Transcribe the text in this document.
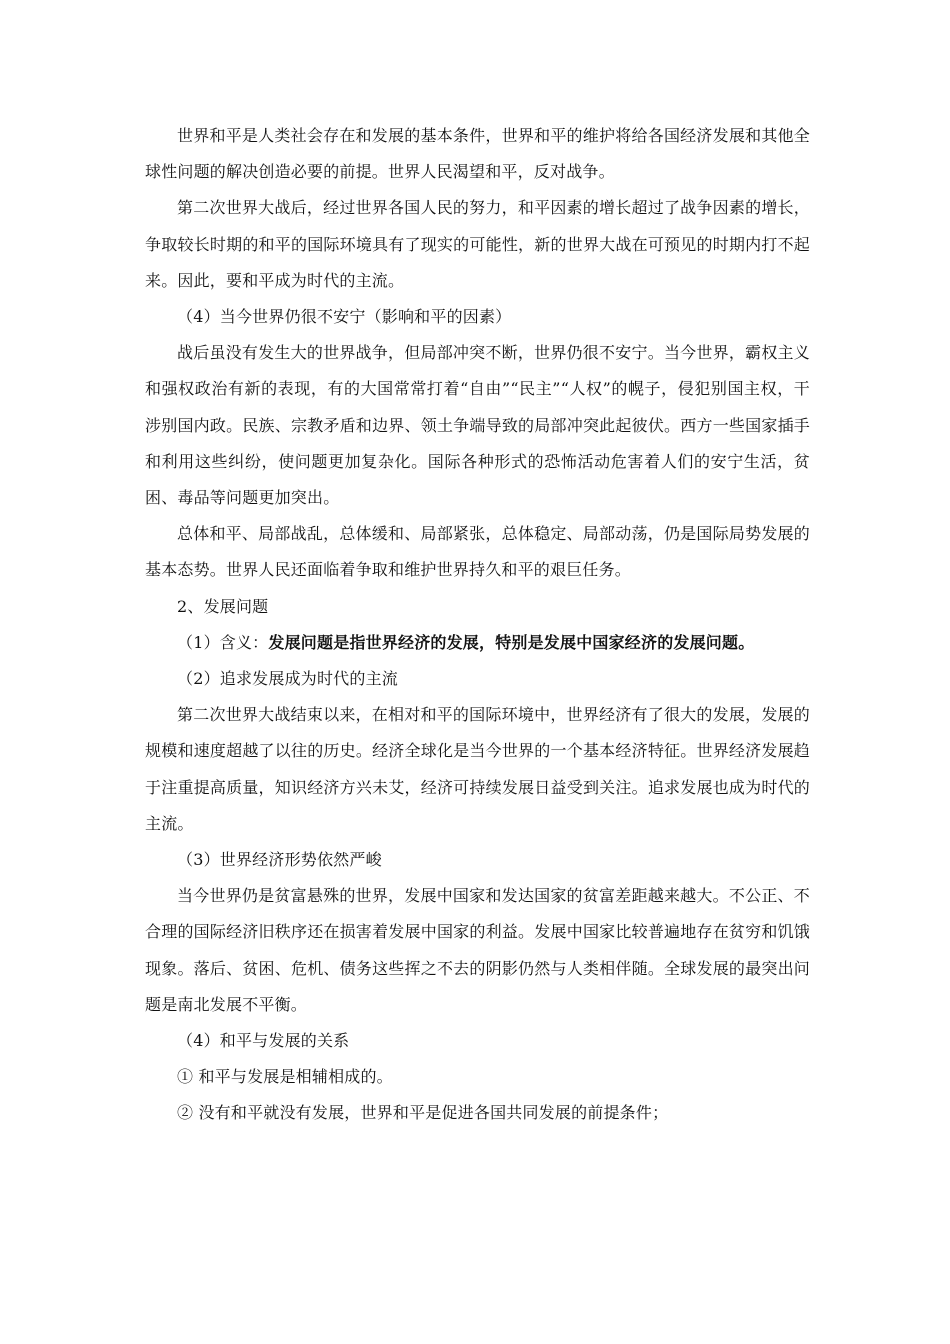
世界和平是人类社会存在和发展的基本条件，世界和平的维护将给各国经济发展和其他全球性问题的解决创造必要的前提。世界人民渴望和平，反对战争。

第二次世界大战后，经过世界各国人民的努力，和平因素的增长超过了战争因素的增长，争取较长时期的和平的国际环境具有了现实的可能性，新的世界大战在可预见的时期内打不起来。因此，要和平成为时代的主流。

（4）当今世界仍很不安宁（影响和平的因素）

战后虽没有发生大的世界战争，但局部冲突不断，世界仍很不安宁。当今世界，霸权主义和强权政治有新的表现，有的大国常常打着“自由”“民主”“人权”的幌子，侵犯别国主权，干涉别国内政。民族、宗教矛盾和边界、领土争端导致的局部冲突此起彼伏。西方一些国家插手和利用这些纠纷，使问题更加复杂化。国际各种形式的恐怖活动危害着人们的安宁生活，贫困、毒品等问题更加突出。

总体和平、局部战乱，总体缓和、局部紧张，总体稳定、局部动荡，仍是国际局势发展的基本态势。世界人民还面临着争取和维护世界持久和平的艰巨任务。

2、发展问题

（1）含义：发展问题是指世界经济的发展，特别是发展中国家经济的发展问题。

（2）追求发展成为时代的主流

第二次世界大战结束以来，在相对和平的国际环境中，世界经济有了很大的发展，发展的规模和速度超越了以往的历史。经济全球化是当今世界的一个基本经济特征。世界经济发展趋于注重提高质量，知识经济方兴未艾，经济可持续发展日益受到关注。追求发展也成为时代的主流。

（3）世界经济形势依然严峻

当今世界仍是贫富悬殊的世界，发展中国家和发达国家的贫富差距越来越大。不公正、不合理的国际经济旧秩序还在损害着发展中国家的利益。发展中国家比较普遍地存在贫穷和饥饿现象。落后、贫困、危机、债务这些挥之不去的阴影仍然与人类相伴随。全球发展的最突出问题是南北发展不平衡。

（4）和平与发展的关系

① 和平与发展是相辅相成的。

② 没有和平就没有发展，世界和平是促进各国共同发展的前提条件；
